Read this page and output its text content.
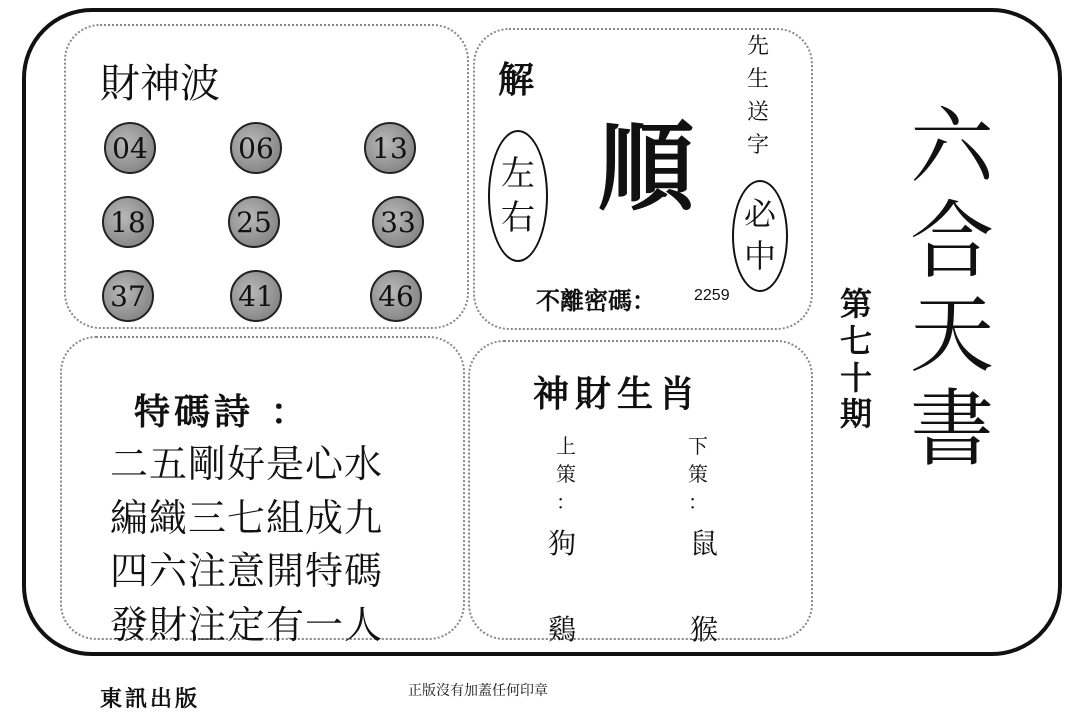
財神波
04	06	13
18	25	33
37	41	46
解
左
右 順
先
生
送
字
必
中
不離密碼： 2259
特碼詩 ：
二五剛好是心水
編織三七組成九
四六注意開特碼
發財注定有一人
神財生肖
上
策
：
下
策
：
狗
鷄
鼠
猴
六
合
天
書
第
七
十
期
東訊出版	正版沒有加蓋任何印章
